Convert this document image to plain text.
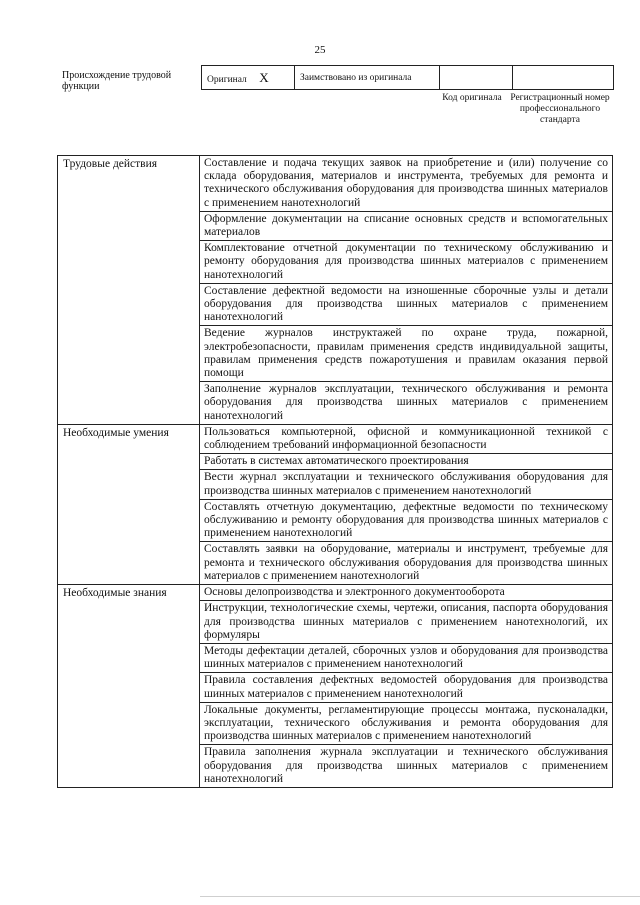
25
Происхождение трудовой функции
Оригинал X	Заимствовано из оригинала		
Код оригинала Регистрационный номер профессионального стандарта
Трудовые действия	Составление и подача текущих заявок на приобретение и (или) получение со склада оборудования, материалов и инструмента, требуемых для ремонта и технического обслуживания оборудования для производства шинных материалов с применением нанотехнологий
	Оформление документации на списание основных средств и вспомогательных материалов
	Комплектование отчетной документации по техническому обслуживанию и ремонту оборудования для производства шинных материалов с применением нанотехнологий
	Составление дефектной ведомости на изношенные сборочные узлы и детали оборудования для производства шинных материалов с применением нанотехнологий
	Ведение журналов инструктажей по охране труда, пожарной, электробезопасности, правилам применения средств индивидуальной защиты, правилам применения средств пожаротушения и правилам оказания первой помощи
	Заполнение журналов эксплуатации, технического обслуживания и ремонта оборудования для производства шинных материалов с применением нанотехнологий
Необходимые умения	Пользоваться компьютерной, офисной и коммуникационной техникой с соблюдением требований информационной безопасности
	Работать в системах автоматического проектирования
	Вести журнал эксплуатации и технического обслуживания оборудования для производства шинных материалов с применением нанотехнологий
	Составлять отчетную документацию, дефектные ведомости по техническому обслуживанию и ремонту оборудования для производства шинных материалов с применением нанотехнологий
	Составлять заявки на оборудование, материалы и инструмент, требуемые для ремонта и технического обслуживания оборудования для производства шинных материалов с применением нанотехнологий
Необходимые знания	Основы делопроизводства и электронного документооборота
	Инструкции, технологические схемы, чертежи, описания, паспорта оборудования для производства шинных материалов с применением нанотехнологий, их формуляры
	Методы дефектации деталей, сборочных узлов и оборудования для производства шинных материалов с применением нанотехнологий
	Правила составления дефектных ведомостей оборудования для производства шинных материалов с применением нанотехнологий
	Локальные документы, регламентирующие процессы монтажа, пусконаладки, эксплуатации, технического обслуживания и ремонта оборудования для производства шинных материалов с применением нанотехнологий
	Правила заполнения журнала эксплуатации и технического обслуживания оборудования для производства шинных материалов с применением нанотехнологий
